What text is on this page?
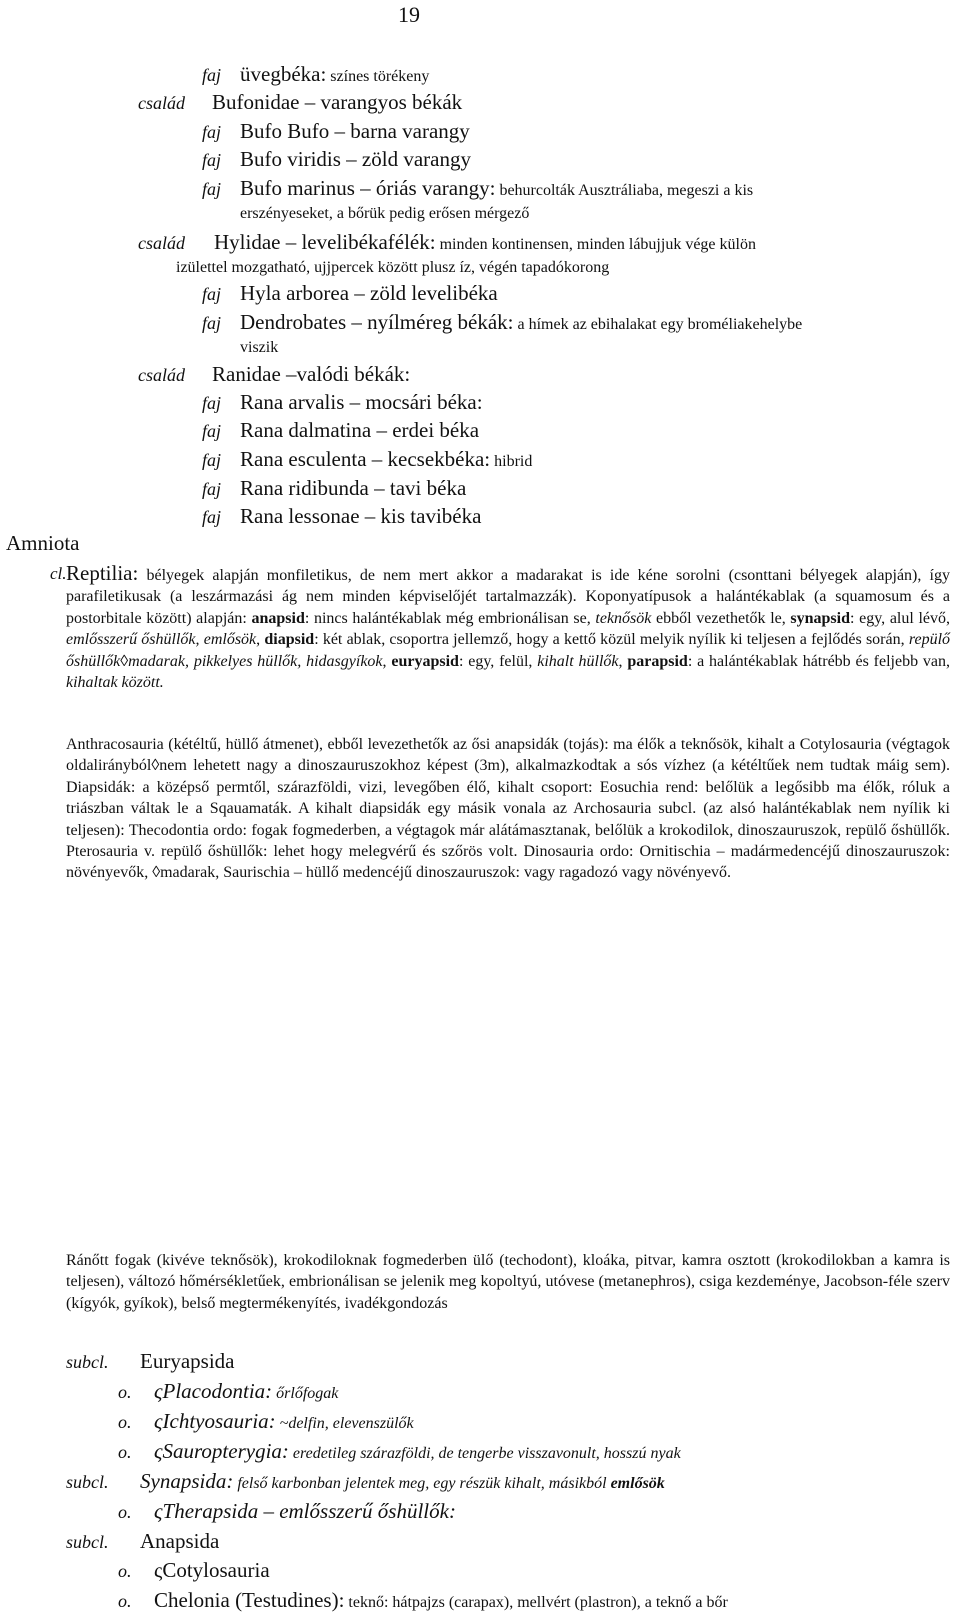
19
faj üvegbéka: színes törékeny
család Bufonidae – varangyos békák
faj Bufo Bufo – barna varangy
faj Bufo viridis – zöld varangy
faj Bufo marinus – óriás varangy: behurcolták Ausztráliaba, megeszi a kis
erszényeseket, a bőrük pedig erősen mérgező
család Hylidae – levelibékafélék: minden kontinensen, minden lábujjuk vége külön
izülettel mozgatható, ujjpercek között plusz íz, végén tapadókorong
faj Hyla arborea – zöld levelibéka
faj Dendrobates – nyílméreg békák: a hímek az ebihalakat egy broméliakehelybe
viszik
család Ranidae –valódi békák:
faj Rana arvalis – mocsári béka:
faj Rana dalmatina – erdei béka
faj Rana esculenta – kecsekbéka: hibrid
faj Rana ridibunda – tavi béka
faj Rana lessonae – kis tavibéka
Amniota

cl. Reptilia: bélyegek alapján monfiletikus, de nem mert akkor a madarakat is ide kéne sorolni (csonttani bélyegek alapján), így parafiletikusak (a leszármazási ág nem minden képviselőjét tartalmazzák). Koponyatípusok a halántékablak (a squamosum és a postorbitale között) alapján: anapsid: nincs halántékablak még embrionálisan se, teknősök ebből vezethetők le, synapsid: egy, alul lévő, emlősszerű őshüllők, emlősök, diapsid: két ablak, csoportra jellemző, hogy a kettő közül melyik nyílik ki teljesen a fejlődés során, repülő őshüllők◊madarak, pikkelyes hüllők, hidasgyíkok, euryapsid: egy, felül, kihalt hüllők, parapsid: a halántékablak hátrébb és feljebb van, kihaltak között.

Anthracosauria (kétéltű, hüllő átmenet), ebből levezethetők az ősi anapsidák (tojás): ma élők a teknősök, kihalt a Cotylosauria (végtagok oldalirányból◊nem lehetett nagy a dinoszauruszokhoz képest (3m), alkalmazkodtak a sós vízhez (a kétéltűek nem tudtak máig sem). Diapsidák: a középső permtől, szárazföldi, vizi, levegőben élő, kihalt csoport: Eosuchia rend: belőlük a legősibb ma élők, róluk a triászban váltak le a Sqauamaták. A kihalt diapsidák egy másik vonala az Archosauria subcl. (az alsó halántékablak nem nyílik ki teljesen): Thecodontia ordo: fogak fogmederben, a végtagok már alátámasztanak, belőlük a krokodilok, dinoszauruszok, repülő őshüllők. Pterosauria v. repülő őshüllők: lehet hogy melegvérű és szőrös volt. Dinosauria ordo: Ornitischia – madármedencéjű dinoszauruszok: növényevők, ◊madarak, Saurischia – hüllő medencéjű dinoszauruszok: vagy ragadozó vagy növényevő.

Ránőtt fogak (kivéve teknősök), krokodiloknak fogmederben ülő (techodont), kloáka, pitvar, kamra osztott (krokodilokban a kamra is teljesen), változó hőmérsékletűek, embrionálisan se jelenik meg kopoltyú, utóvese (metanephros), csiga kezdeménye, Jacobson-féle szerv (kígyók, gyíkok), belső megtermékenyítés, ivadékgondozás

subcl. Euryapsida
o. ςPlacodontia: őrlőfogak
o. ςIchtyosauria: ~delfin, elevenszülők
o. ςSauropterygia: eredetileg szárazföldi, de tengerbe visszavonult, hosszú nyak
subcl. Synapsida: felső karbonban jelentek meg, egy részük kihalt, másikból emlősök
o. ςTherapsida – emlősszerű őshüllők:
subcl. Anapsida
o. ςCotylosauria
o. Chelonia (Testudines): teknő: hátpajzs (carapax), mellvért (plastron), a teknő a bőr
